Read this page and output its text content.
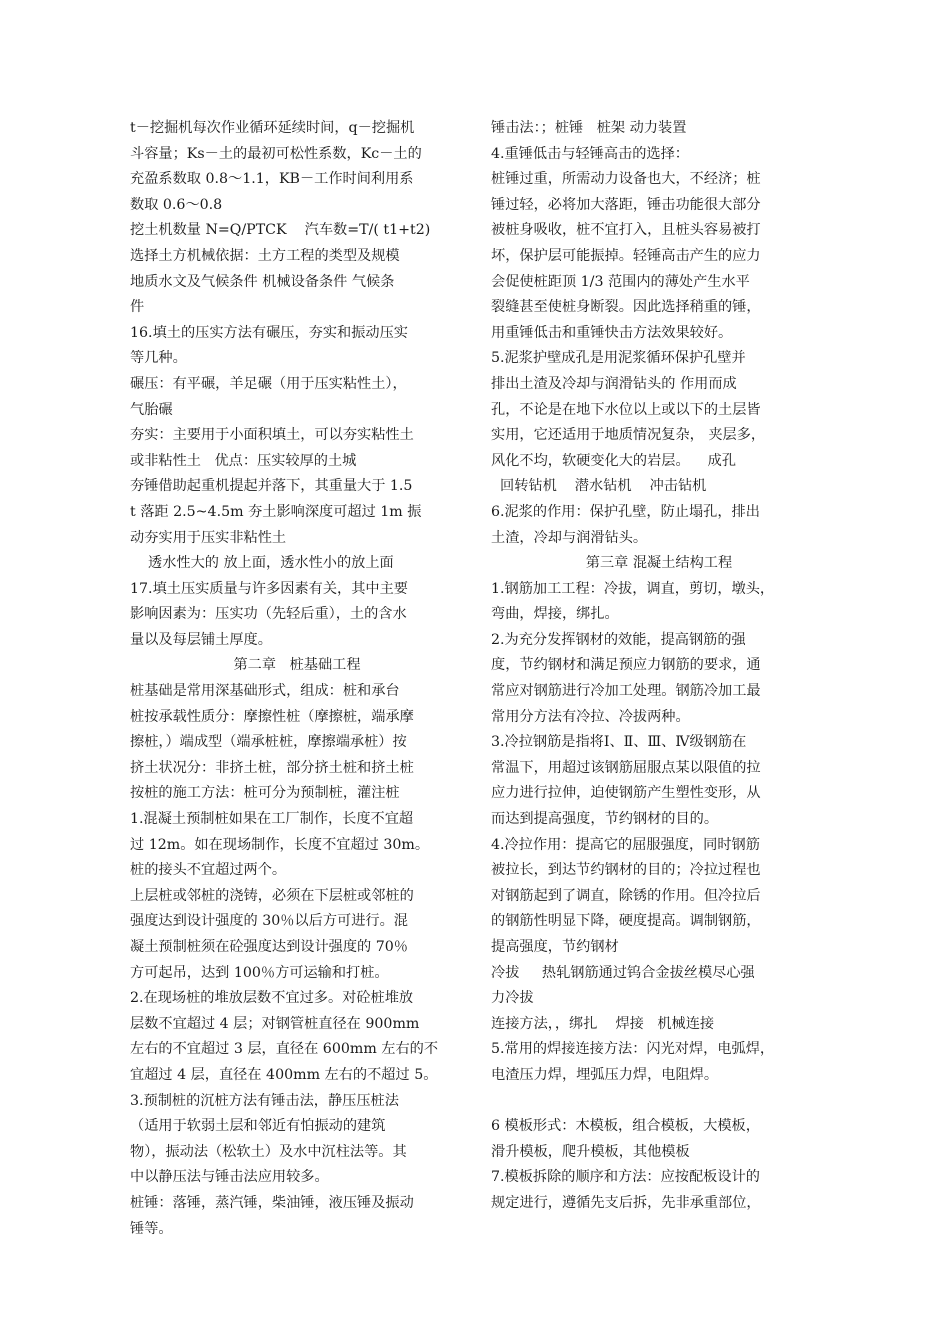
t－挖掘机每次作业循环延续时间，q－挖掘机
斗容量；Ks－土的最初可松性系数，Kc－土的
充盈系数取 0.8～1.1，KB－工作时间利用系
数取 0.6～0.8
挖土机数量 N=Q/PTCK    汽车数=T/( t1+t2)
选择土方机械依据：土方工程的类型及规模
地质水文及气候条件 机械设备条件 气候条
件
16.填土的压实方法有碾压，夯实和振动压实
等几种。
碾压：有平碾，羊足碾（用于压实粘性土），
气胎碾
夯实：主要用于小面积填土，可以夯实粘性土
或非粘性土   优点：压实较厚的土城
夯锤借助起重机提起并落下，其重量大于 1.5
t 落距 2.5~4.5m 夯土影响深度可超过 1m 振
动夯实用于压实非粘性土
透水性大的 放上面，透水性小的放上面
17.填土压实质量与许多因素有关，其中主要
影响因素为：压实功（先轻后重），土的含水
量以及每层铺土厚度。
第二章   桩基础工程
桩基础是常用深基础形式，组成：桩和承台
桩按承载性质分：摩擦性桩（摩擦桩，端承摩
擦桩，）端成型（端承桩桩，摩擦端承桩）按
挤土状况分：非挤土桩，部分挤土桩和挤土桩
按桩的施工方法：桩可分为预制桩，灌注桩
1.混凝土预制桩如果在工厂制作，长度不宜超
过 12m。如在现场制作，长度不宜超过 30m。
桩的接头不宜超过两个。
上层桩或邻桩的浇铸，必须在下层桩或邻桩的
强度达到设计强度的 30％以后方可进行。混
凝土预制桩须在砼强度达到设计强度的 70％
方可起吊，达到 100％方可运输和打桩。
2.在现场桩的堆放层数不宜过多。对砼桩堆放
层数不宜超过 4 层；对钢管桩直径在 900mm
左右的不宜超过 3 层，直径在 600mm 左右的不
宜超过 4 层，直径在 400mm 左右的不超过 5。
3.预制桩的沉桩方法有锤击法，静压压桩法
（适用于软弱土层和邻近有怕振动的建筑
物），振动法（松软土）及水中沉柱法等。其
中以静压法与锤击法应用较多。
桩锤：落锤，蒸汽锤，柴油锤，液压锤及振动
锤等。
锤击法：；桩锤   桩架 动力装置
4.重锤低击与轻锤高击的选择：
桩锤过重，所需动力设备也大，不经济；桩
锤过轻，必将加大落距，锤击功能很大部分
被桩身吸收，桩不宜打入，且桩头容易被打
坏，保护层可能振掉。轻锤高击产生的应力
会促使桩距顶 1/3 范围内的薄处产生水平
裂缝甚至使桩身断裂。因此选择稍重的锤，
用重锤低击和重锤快击方法效果较好。
5.泥浆护壁成孔是用泥浆循环保护孔壁并
排出土渣及冷却与润滑钻头的 作用而成
孔，不论是在地下水位以上或以下的土层皆
实用，它还适用于地质情况复杂， 夹层多，
风化不均，软硬变化大的岩层。    成孔
回转钻机    潜水钻机    冲击钻机
6.泥浆的作用：保护孔壁，防止塌孔，排出
土渣，冷却与润滑钻头。
第三章 混凝土结构工程
1.钢筋加工工程：冷拔，调直，剪切，墩头，
弯曲，焊接，绑扎。
2.为充分发挥钢材的效能，提高钢筋的强
度，节约钢材和满足预应力钢筋的要求，通
常应对钢筋进行冷加工处理。钢筋冷加工最
常用分方法有冷拉、冷拔两种。
3.冷拉钢筋是指将Ⅰ、Ⅱ、Ⅲ、Ⅳ级钢筋在
常温下，用超过该钢筋屈服点某以限值的拉
应力进行拉伸，迫使钢筋产生塑性变形，从
而达到提高强度，节约钢材的目的。
4.冷拉作用：提高它的屈服强度，同时钢筋
被拉长，到达节约钢材的目的；冷拉过程也
对钢筋起到了调直，除锈的作用。但冷拉后
的钢筋性明显下降，硬度提高。调制钢筋，
提高强度，节约钢材
冷拔     热轧钢筋通过钨合金拔丝模尽心强
力冷拔
连接方法，，绑扎    焊接   机械连接
5.常用的焊接连接方法：闪光对焊，电弧焊，
电渣压力焊，埋弧压力焊，电阻焊。
6 模板形式：木模板，组合模板，大模板，
滑升模板，爬升模板，其他模板
7.模板拆除的顺序和方法：应按配板设计的
规定进行，遵循先支后拆，先非承重部位，
